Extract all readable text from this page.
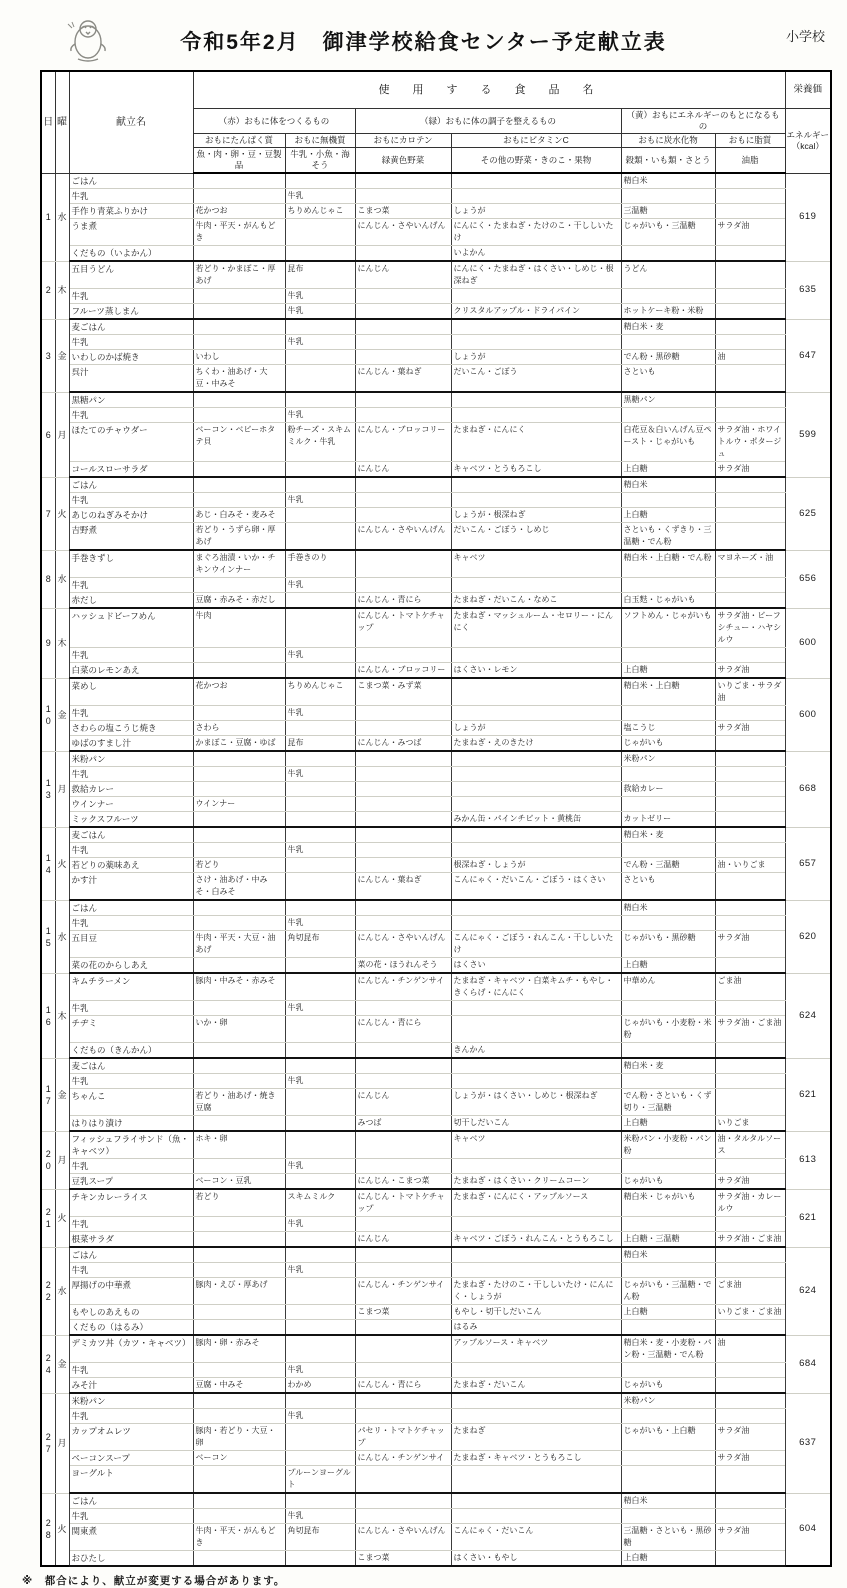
令和5年2月　御津学校給食センター予定献立表	小学校
日	曜	献立名	使　用　す　る　食　品　名						栄養価
			（赤）おもに体をつくるもの		（緑）おもに体の調子を整えるもの		（黄）おもにエネルギーのもとになるもの		エネルギー （kcal）
			おもにたんぱく質	おもに無機質	おもにカロテン	おもにビタミンC	おもに炭水化物	おもに脂質	
			魚・肉・卵・豆・豆製品	牛乳・小魚・海そう	緑黄色野菜	その他の野菜・きのこ・果物	穀類・いも類・さとう	油脂	
1	水	ごはん					精白米		619
		牛乳		牛乳					
		手作り青菜ふりかけ	花かつお	ちりめんじゃこ	こまつ菜	しょうが	三温糖		
		うま煮	牛肉・平天・がんもどき		にんじん・さやいんげん	にんにく・たまねぎ・たけのこ・干ししいたけ	じゃがいも・三温糖	サラダ油	
		くだもの（いよかん）				いよかん			
2	木	五目うどん	若どり・かまぼこ・厚あげ	昆布	にんじん	にんにく・たまねぎ・はくさい・しめじ・根深ねぎ	うどん		635
		牛乳		牛乳					
		フルーツ蒸しまん		牛乳		クリスタルアップル・ドライパイン	ホットケーキ粉・米粉		
3	金	麦ごはん					精白米・麦		647
		牛乳		牛乳					
		いわしのかば焼き	いわし			しょうが	でん粉・黒砂糖	油	
		呉汁	ちくわ・油あげ・大豆・中みそ		にんじん・葉ねぎ	だいこん・ごぼう	さといも		
6	月	黒糖パン					黒糖パン		599
		牛乳		牛乳					
		ほたてのチャウダー	ベーコン・ベビーホタテ貝	粉チーズ・スキムミルク・牛乳	にんじん・ブロッコリー	たまねぎ・にんにく	白花豆＆白いんげん豆ペースト・じゃがいも	サラダ油・ホワイトルウ・ポタージュ	
		コールスローサラダ			にんじん	キャベツ・とうもろこし	上白糖	サラダ油	
7	火	ごはん					精白米		625
		牛乳		牛乳					
		あじのねぎみそかけ	あじ・白みそ・麦みそ			しょうが・根深ねぎ	上白糖		
		吉野煮	若どり・うずら卵・厚あげ		にんじん・さやいんげん	だいこん・ごぼう・しめじ	さといも・くずきり・三温糖・でん粉		
8	水	手巻きずし	まぐろ油漬・いか・チキンウインナー	手巻きのり		キャベツ	精白米・上白糖・でん粉	マヨネーズ・油	656
		牛乳		牛乳					
		赤だし	豆腐・赤みそ・赤だし		にんじん・青にら	たまねぎ・だいこん・なめこ	白玉麩・じゃがいも		
9	木	ハッシュドビーフめん	牛肉		にんじん・トマトケチャップ	たまねぎ・マッシュルーム・セロリー・にんにく	ソフトめん・じゃがいも	サラダ油・ビーフシチュー・ハヤシルウ	600
		牛乳		牛乳					
		白菜のレモンあえ			にんじん・ブロッコリー	はくさい・レモン	上白糖	サラダ油	
10	金	菜めし	花かつお	ちりめんじゃこ	こまつ菜・みず菜		精白米・上白糖	いりごま・サラダ油	600
		牛乳		牛乳					
		さわらの塩こうじ焼き	さわら			しょうが	塩こうじ	サラダ油	
		ゆばのすまし汁	かまぼこ・豆腐・ゆば	昆布	にんじん・みつば	たまねぎ・えのきたけ	じゃがいも		
13	月	米粉パン					米粉パン		668
		牛乳		牛乳					
		救給カレー					救給カレー		
		ウインナー	ウインナー						
		ミックスフルーツ				みかん缶・パインチビット・黄桃缶	カットゼリー		
14	火	麦ごはん					精白米・麦		657
		牛乳		牛乳					
		若どりの薬味あえ	若どり			根深ねぎ・しょうが	でん粉・三温糖	油・いりごま	
		かす汁	さけ・油あげ・中みそ・白みそ		にんじん・葉ねぎ	こんにゃく・だいこん・ごぼう・はくさい	さといも		
15	水	ごはん					精白米		620
		牛乳		牛乳					
		五目豆	牛肉・平天・大豆・油あげ	角切昆布	にんじん・さやいんげん	こんにゃく・ごぼう・れんこん・干ししいたけ	じゃがいも・黒砂糖	サラダ油	
		菜の花のからしあえ			菜の花・ほうれんそう	はくさい	上白糖		
16	木	キムチラーメン	豚肉・中みそ・赤みそ		にんじん・チンゲンサイ	たまねぎ・キャベツ・白菜キムチ・もやし・きくらげ・にんにく	中華めん	ごま油	624
		牛乳		牛乳					
		チヂミ	いか・卵		にんじん・青にら		じゃがいも・小麦粉・米粉	サラダ油・ごま油	
		くだもの（きんかん）				きんかん			
17	金	麦ごはん					精白米・麦		621
		牛乳		牛乳					
		ちゃんこ	若どり・油あげ・焼き豆腐		にんじん	しょうが・はくさい・しめじ・根深ねぎ	でん粉・さといも・くず切り・三温糖		
		はりはり漬け			みつば	切干しだいこん	上白糖	いりごま	
20	月	フィッシュフライサンド（魚・キャベツ）	ホキ・卵			キャベツ	米粉パン・小麦粉・パン粉	油・タルタルソース	613
		牛乳		牛乳					
		豆乳スープ	ベーコン・豆乳		にんじん・こまつ菜	たまねぎ・はくさい・クリームコーン	じゃがいも	サラダ油	
21	火	チキンカレーライス	若どり	スキムミルク	にんじん・トマトケチャップ	たまねぎ・にんにく・アップルソース	精白米・じゃがいも	サラダ油・カレールウ	621
		牛乳		牛乳					
		根菜サラダ			にんじん	キャベツ・ごぼう・れんこん・とうもろこし	上白糖・三温糖	サラダ油・ごま油	
22	水	ごはん					精白米		624
		牛乳		牛乳					
		厚揚げの中華煮	豚肉・えび・厚あげ		にんじん・チンゲンサイ	たまねぎ・たけのこ・干ししいたけ・にんにく・しょうが	じゃがいも・三温糖・でん粉	ごま油	
		もやしのあえもの			こまつ菜	もやし・切干しだいこん	上白糖	いりごま・ごま油	
		くだもの（はるみ）				はるみ			
24	金	デミカツ丼（カツ・キャベツ）	豚肉・卵・赤みそ			アップルソース・キャベツ	精白米・麦・小麦粉・パン粉・三温糖・でん粉	油	684
		牛乳		牛乳					
		みそ汁	豆腐・中みそ	わかめ	にんじん・青にら	たまねぎ・だいこん	じゃがいも		
27	月	米粉パン					米粉パン		637
		牛乳		牛乳					
		カップオムレツ	豚肉・若どり・大豆・卵		パセリ・トマトケチャップ	たまねぎ	じゃがいも・上白糖	サラダ油	
		ベーコンスープ	ベーコン		にんじん・チンゲンサイ	たまねぎ・キャベツ・とうもろこし		サラダ油	
		ヨーグルト		プルーンヨーグルト					
28	火	ごはん					精白米		604
		牛乳		牛乳					
		関東煮	牛肉・平天・がんもどき	角切昆布	にんじん・さやいんげん	こんにゃく・だいこん	三温糖・さといも・黒砂糖	サラダ油	
		おひたし			こまつ菜	はくさい・もやし	上白糖		
※　都合により、献立が変更する場合があります。
